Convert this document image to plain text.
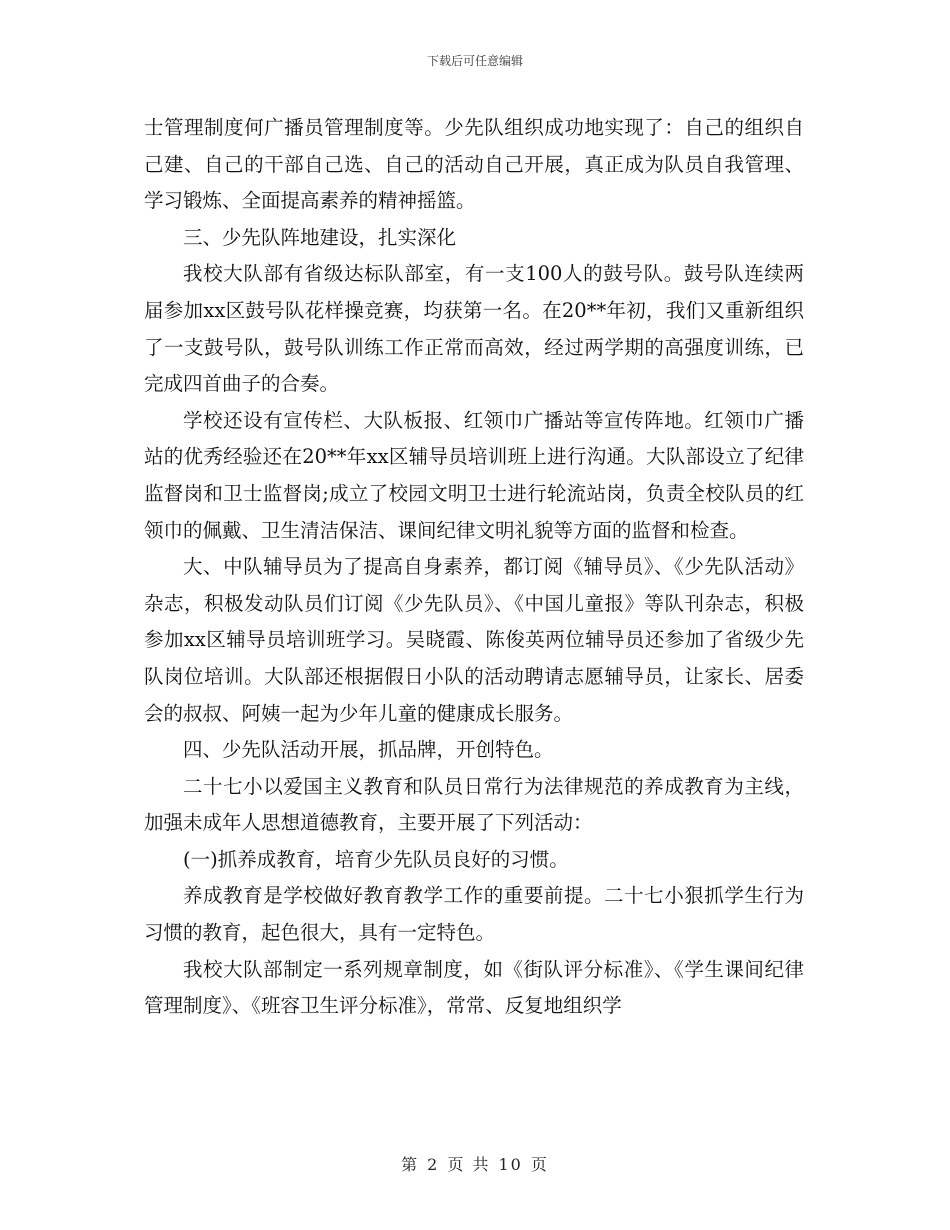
下载后可任意编辑

士管理制度何广播员管理制度等。少先队组织成功地实现了：自己的组织自己建、自己的干部自己选、自己的活动自己开展，真正成为队员自我管理、学习锻炼、全面提高素养的精神摇篮。

三、少先队阵地建设，扎实深化

我校大队部有省级达标队部室，有一支100人的鼓号队。鼓号队连续两届参加xx区鼓号队花样操竞赛，均获第一名。在20**年初，我们又重新组织了一支鼓号队，鼓号队训练工作正常而高效，经过两学期的高强度训练，已完成四首曲子的合奏。

学校还设有宣传栏、大队板报、红领巾广播站等宣传阵地。红领巾广播站的优秀经验还在20**年xx区辅导员培训班上进行沟通。大队部设立了纪律监督岗和卫士监督岗;成立了校园文明卫士进行轮流站岗，负责全校队员的红领巾的佩戴、卫生清洁保洁、课间纪律文明礼貌等方面的监督和检查。

大、中队辅导员为了提高自身素养，都订阅《辅导员》、《少先队活动》杂志，积极发动队员们订阅《少先队员》、《中国儿童报》等队刊杂志，积极参加xx区辅导员培训班学习。吴晓霞、陈俊英两位辅导员还参加了省级少先队岗位培训。大队部还根据假日小队的活动聘请志愿辅导员，让家长、居委会的叔叔、阿姨一起为少年儿童的健康成长服务。

四、少先队活动开展，抓品牌，开创特色。

二十七小以爱国主义教育和队员日常行为法律规范的养成教育为主线，加强未成年人思想道德教育，主要开展了下列活动：

(一)抓养成教育，培育少先队员良好的习惯。

养成教育是学校做好教育教学工作的重要前提。二十七小狠抓学生行为习惯的教育，起色很大，具有一定特色。

我校大队部制定一系列规章制度，如《街队评分标准》、《学生课间纪律管理制度》、《班容卫生评分标准》，常常、反复地组织学

第 2 页 共 10 页
